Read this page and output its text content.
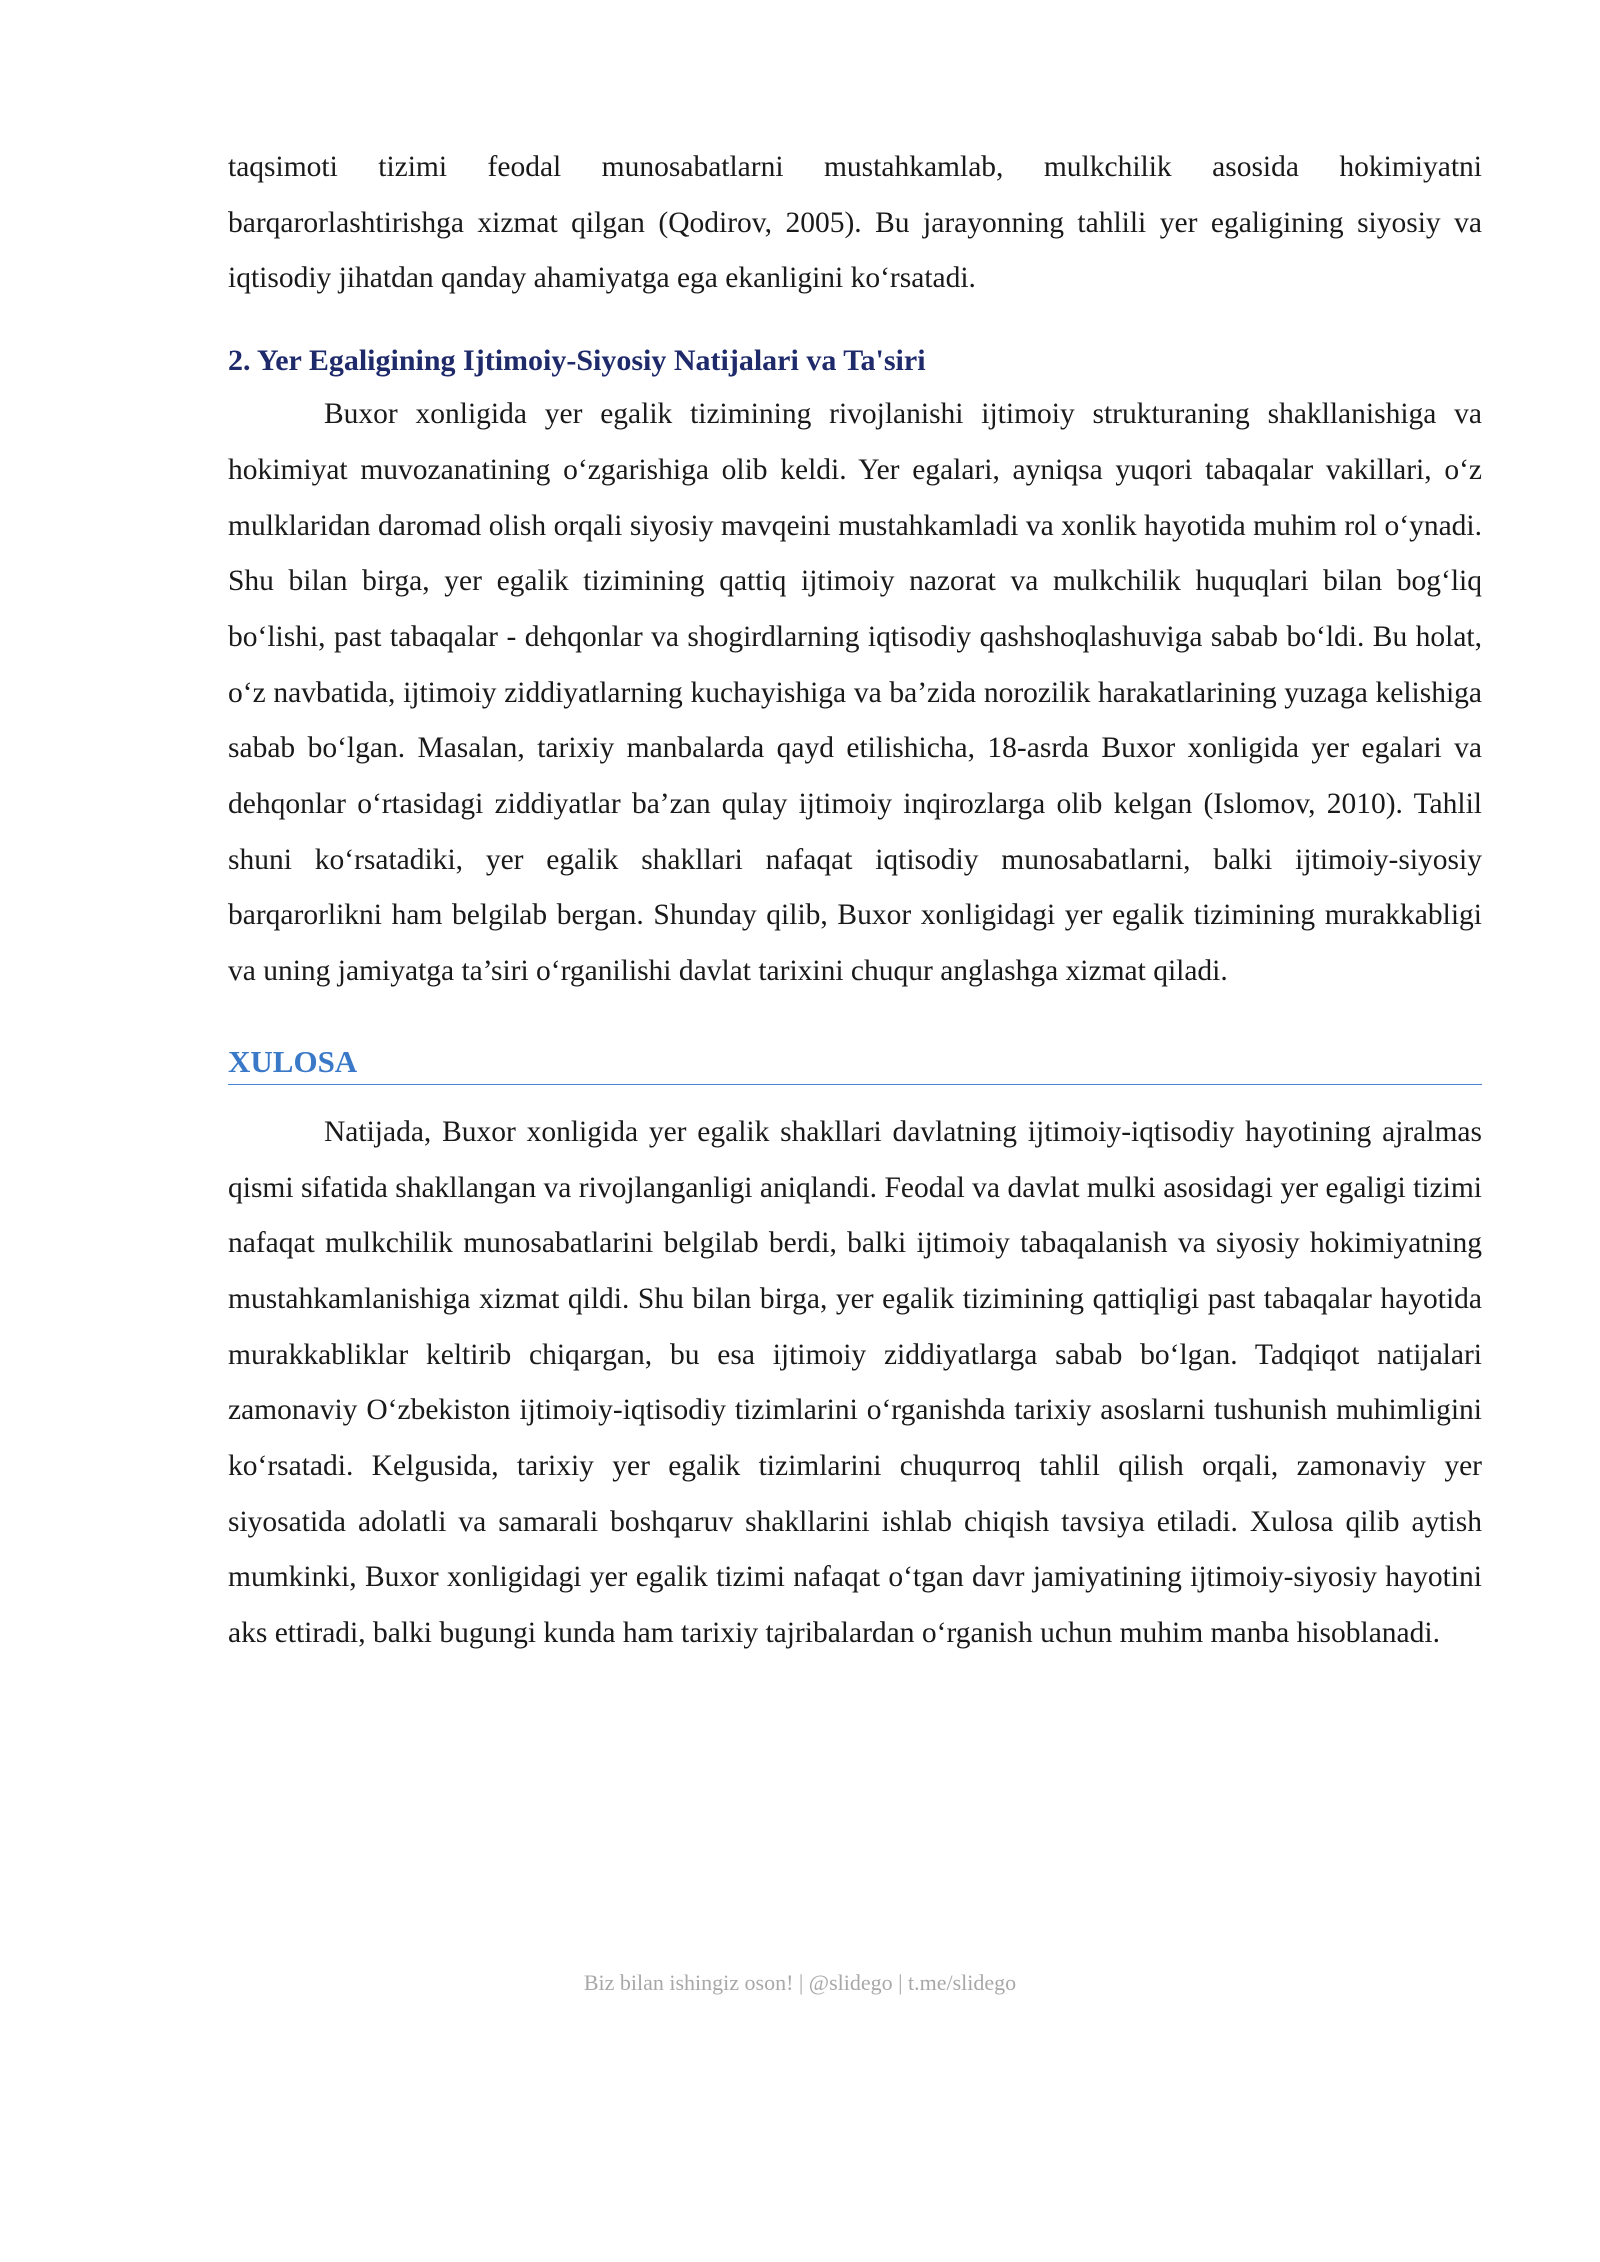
taqsimoti tizimi feodal munosabatlarni mustahkamlab, mulkchilik asosida hokimiyatni barqarorlashtirishga xizmat qilgan (Qodirov, 2005). Bu jarayonning tahlili yer egaligining siyosiy va iqtisodiy jihatdan qanday ahamiyatga ega ekanligini ko‘rsatadi.

2. Yer Egaligining Ijtimoiy-Siyosiy Natijalari va Ta'siri

Buxor xonligida yer egalik tizimining rivojlanishi ijtimoiy strukturaning shakllanishiga va hokimiyat muvozanatining o‘zgarishiga olib keldi. Yer egalari, ayniqsa yuqori tabaqalar vakillari, o‘z mulklaridan daromad olish orqali siyosiy mavqeini mustahkamladi va xonlik hayotida muhim rol o‘ynadi. Shu bilan birga, yer egalik tizimining qattiq ijtimoiy nazorat va mulkchilik huquqlari bilan bog‘liq bo‘lishi, past tabaqalar - dehqonlar va shogirdlarning iqtisodiy qashshoqlashuviga sabab bo‘ldi. Bu holat, o‘z navbatida, ijtimoiy ziddiyatlarning kuchayishiga va ba’zida norozilik harakatlarining yuzaga kelishiga sabab bo‘lgan. Masalan, tarixiy manbalarda qayd etilishicha, 18-asrda Buxor xonligida yer egalari va dehqonlar o‘rtasidagi ziddiyatlar ba’zan qulay ijtimoiy inqirozlarga olib kelgan (Islomov, 2010). Tahlil shuni ko‘rsatadiki, yer egalik shakllari nafaqat iqtisodiy munosabatlarni, balki ijtimoiy-siyosiy barqarorlikni ham belgilab bergan. Shunday qilib, Buxor xonligidagi yer egalik tizimining murakkabligi va uning jamiyatga ta’siri o‘rganilishi davlat tarixini chuqur anglashga xizmat qiladi.

XULOSA

Natijada, Buxor xonligida yer egalik shakllari davlatning ijtimoiy-iqtisodiy hayotining ajralmas qismi sifatida shakllangan va rivojlanganligi aniqlandi. Feodal va davlat mulki asosidagi yer egaligi tizimi nafaqat mulkchilik munosabatlarini belgilab berdi, balki ijtimoiy tabaqalanish va siyosiy hokimiyatning mustahkamlanishiga xizmat qildi. Shu bilan birga, yer egalik tizimining qattiqligi past tabaqalar hayotida murakkabliklar keltirib chiqargan, bu esa ijtimoiy ziddiyatlarga sabab bo‘lgan. Tadqiqot natijalari zamonaviy O‘zbekiston ijtimoiy-iqtisodiy tizimlarini o‘rganishda tarixiy asoslarni tushunish muhimligini ko‘rsatadi. Kelgusida, tarixiy yer egalik tizimlarini chuqurroq tahlil qilish orqali, zamonaviy yer siyosatida adolatli va samarali boshqaruv shakllarini ishlab chiqish tavsiya etiladi. Xulosa qilib aytish mumkinki, Buxor xonligidagi yer egalik tizimi nafaqat o‘tgan davr jamiyatining ijtimoiy-siyosiy hayotini aks ettiradi, balki bugungi kunda ham tarixiy tajribalardan o‘rganish uchun muhim manba hisoblanadi.

Biz bilan ishingiz oson! | @slidego | t.me/slidego
